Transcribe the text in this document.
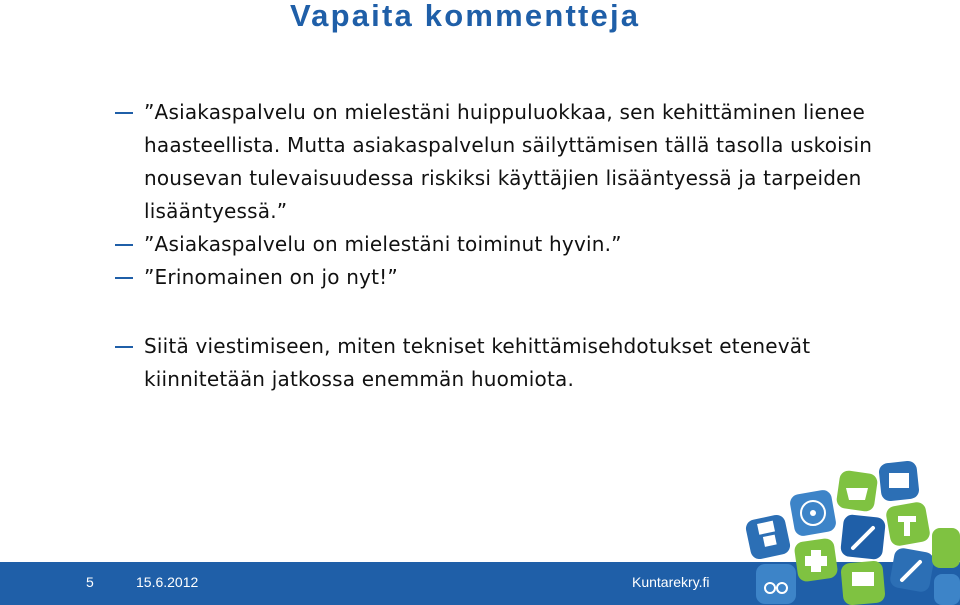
Vapaita kommentteja
”Asiakaspalvelu on mielestäni huippuluokkaa, sen kehittäminen lienee haasteellista. Mutta asiakaspalvelun säilyttämisen tällä tasolla uskoisin nousevan tulevaisuudessa riskiksi käyttäjien lisääntyessä ja tarpeiden lisääntyessä.”
”Asiakaspalvelu on mielestäni toiminut hyvin.”
”Erinomainen on jo nyt!”
Siitä viestimiseen, miten tekniset kehittämisehdotukset etenevät kiinnitetään jatkossa enemmän huomiota.
5	15.6.2012	Kuntarekry.fi
